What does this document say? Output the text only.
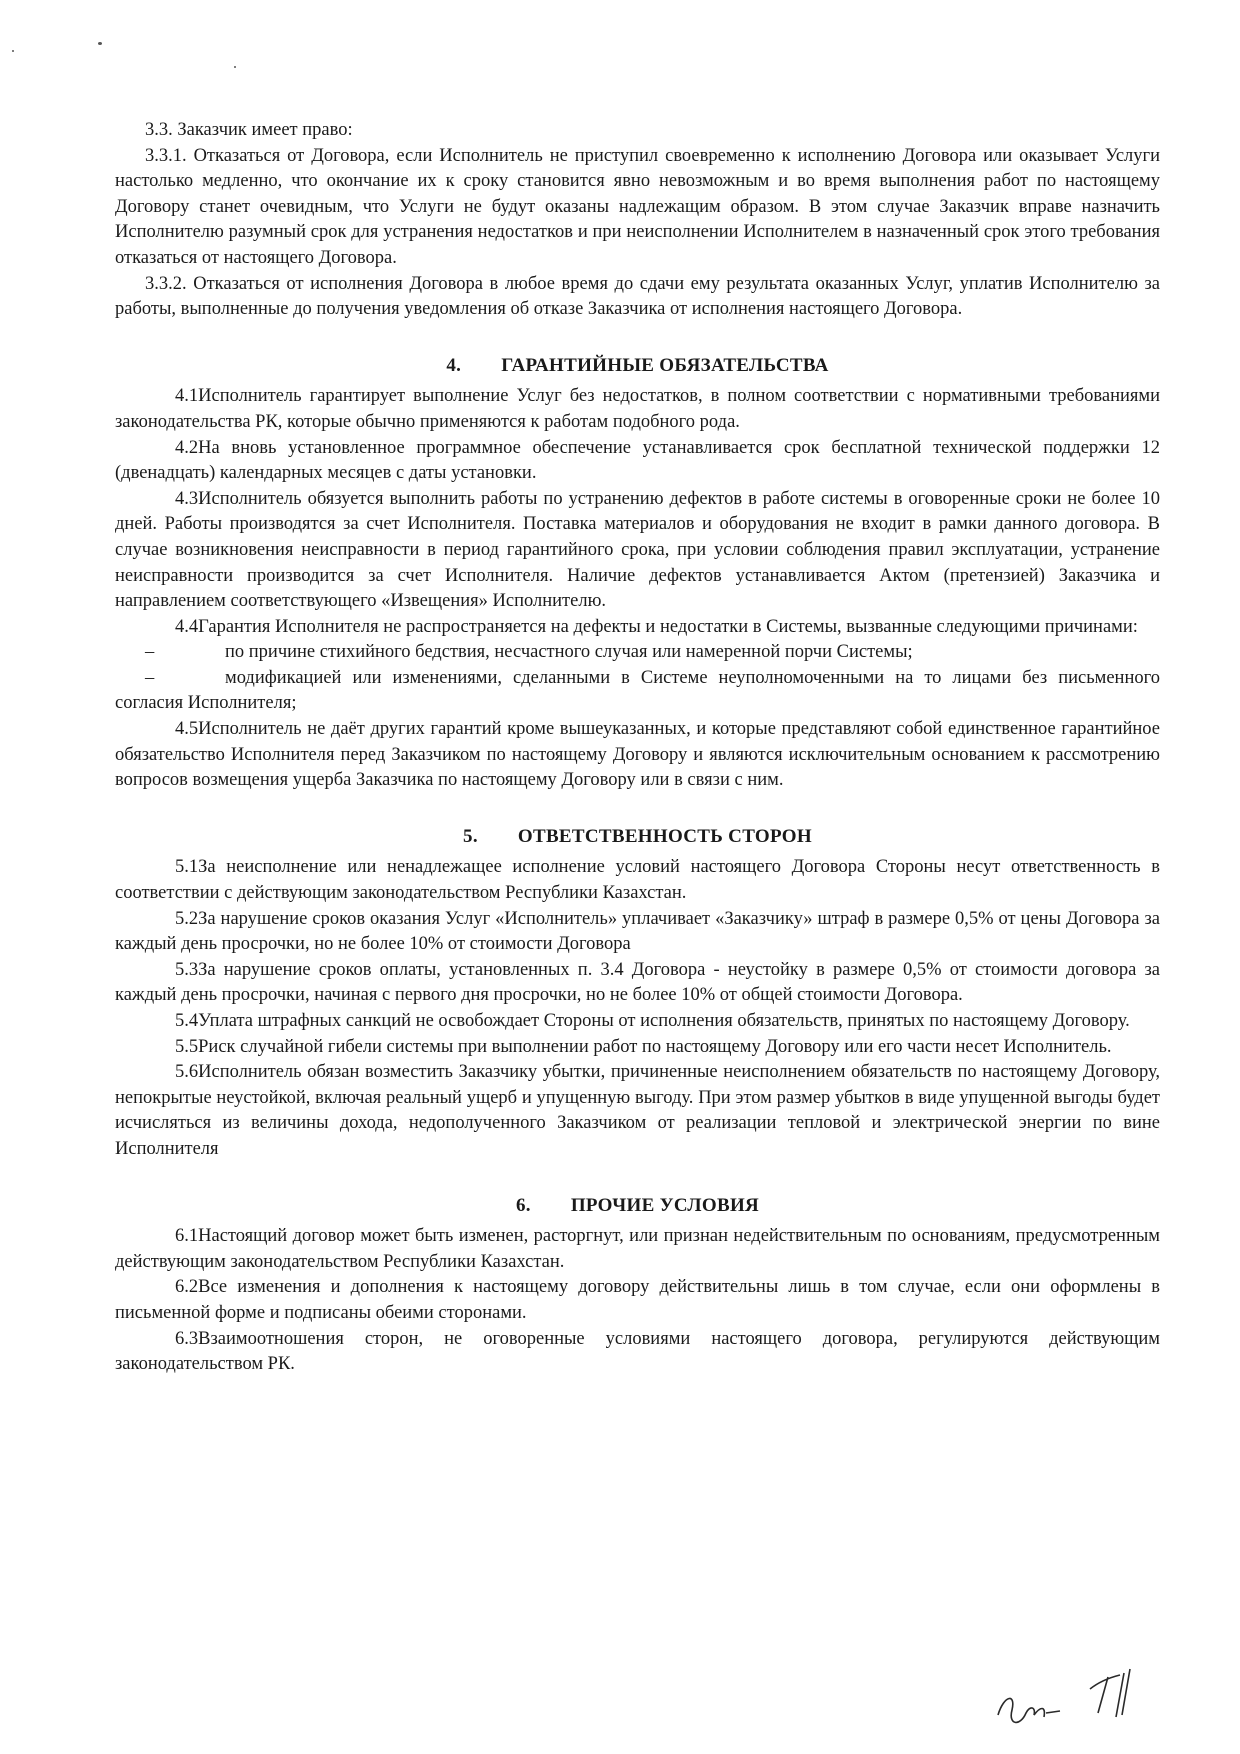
3.3. Заказчик имеет право:

3.3.1. Отказаться от Договора, если Исполнитель не приступил своевременно к исполнению Договора или оказывает Услуги настолько медленно, что окончание их к сроку становится явно невозможным и во время выполнения работ по настоящему Договору станет очевидным, что Услуги не будут оказаны надлежащим образом. В этом случае Заказчик вправе назначить Исполнителю разумный срок для устранения недостатков и при неисполнении Исполнителем в назначенный срок этого требования отказаться от настоящего Договора.

3.3.2. Отказаться от исполнения Договора в любое время до сдачи ему результата оказанных Услуг, уплатив Исполнителю за работы, выполненные до получения уведомления об отказе Заказчика от исполнения настоящего Договора.

4. ГАРАНТИЙНЫЕ ОБЯЗАТЕЛЬСТВА

4.1Исполнитель гарантирует выполнение Услуг без недостатков, в полном соответствии с нормативными требованиями законодательства РК, которые обычно применяются к работам подобного рода.

4.2На вновь установленное программное обеспечение устанавливается срок бесплатной технической поддержки 12 (двенадцать) календарных месяцев с даты установки.

4.3Исполнитель обязуется выполнить работы по устранению дефектов в работе системы в оговоренные сроки не более 10 дней. Работы производятся за счет Исполнителя. Поставка материалов и оборудования не входит в рамки данного договора. В случае возникновения неисправности в период гарантийного срока, при условии соблюдения правил эксплуатации, устранение неисправности производится за счет Исполнителя. Наличие дефектов устанавливается Актом (претензией) Заказчика и направлением соответствующего «Извещения» Исполнителю.

4.4Гарантия Исполнителя не распространяется на дефекты и недостатки в Системы, вызванные следующими причинами:

–	по причине стихийного бедствия, несчастного случая или намеренной порчи Системы;

–	модификацией или изменениями, сделанными в Системе неуполномоченными на то лицами без письменного согласия Исполнителя;

4.5Исполнитель не даёт других гарантий кроме вышеуказанных, и которые представляют собой единственное гарантийное обязательство Исполнителя перед Заказчиком по настоящему Договору и являются исключительным основанием к рассмотрению вопросов возмещения ущерба Заказчика по настоящему Договору или в связи с ним.

5. ОТВЕТСТВЕННОСТЬ СТОРОН

5.1За неисполнение или ненадлежащее исполнение условий настоящего Договора Стороны несут ответственность в соответствии с действующим законодательством Республики Казахстан.

5.2За нарушение сроков оказания Услуг «Исполнитель» уплачивает «Заказчику» штраф в размере 0,5% от цены Договора за каждый день просрочки, но не более 10% от стоимости Договора

5.3За нарушение сроков оплаты, установленных п. 3.4 Договора - неустойку в размере 0,5% от стоимости договора за каждый день просрочки, начиная с первого дня просрочки, но не более 10% от общей стоимости Договора.

5.4Уплата штрафных санкций не освобождает Стороны от исполнения обязательств, принятых по настоящему Договору.

5.5Риск случайной гибели системы при выполнении работ по настоящему Договору или его части несет Исполнитель.

5.6Исполнитель обязан возместить Заказчику убытки, причиненные неисполнением обязательств по настоящему Договору, непокрытые неустойкой, включая реальный ущерб и упущенную выгоду. При этом размер убытков в виде упущенной выгоды будет исчисляться из величины дохода, недополученного Заказчиком от реализации тепловой и электрической энергии по вине Исполнителя

6. ПРОЧИЕ УСЛОВИЯ

6.1Настоящий договор может быть изменен, расторгнут, или признан недействительным по основаниям, предусмотренным действующим законодательством Республики Казахстан.

6.2Все изменения и дополнения к настоящему договору действительны лишь в том случае, если они оформлены в письменной форме и подписаны обеими сторонами.

6.3Взаимоотношения сторон, не оговоренные условиями настоящего договора, регулируются действующим законодательством РК.
